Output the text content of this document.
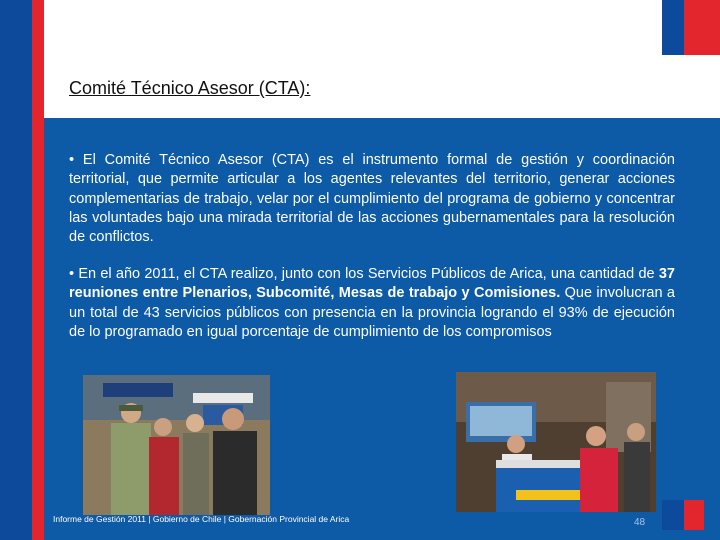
Comité Técnico Asesor (CTA):
• El Comité Técnico Asesor (CTA) es el instrumento formal de gestión y coordinación territorial, que permite articular a los agentes relevantes del territorio, generar acciones complementarias de trabajo, velar por el cumplimiento del programa de gobierno y concentrar las voluntades bajo una mirada territorial de las acciones gubernamentales para la resolución de conflictos.
• En el año 2011, el CTA realizo, junto con los Servicios Públicos de Arica, una cantidad de 37 reuniones entre Plenarios, Subcomité, Mesas de trabajo y Comisiones. Que involucran a un total de 43 servicios públicos con presencia en la provincia logrando el 93% de ejecución de lo programado en igual porcentaje de cumplimiento de los compromisos
Informe de Gestión 2011 | Gobierno de Chile | Gobernación Provincial de Arica	48
